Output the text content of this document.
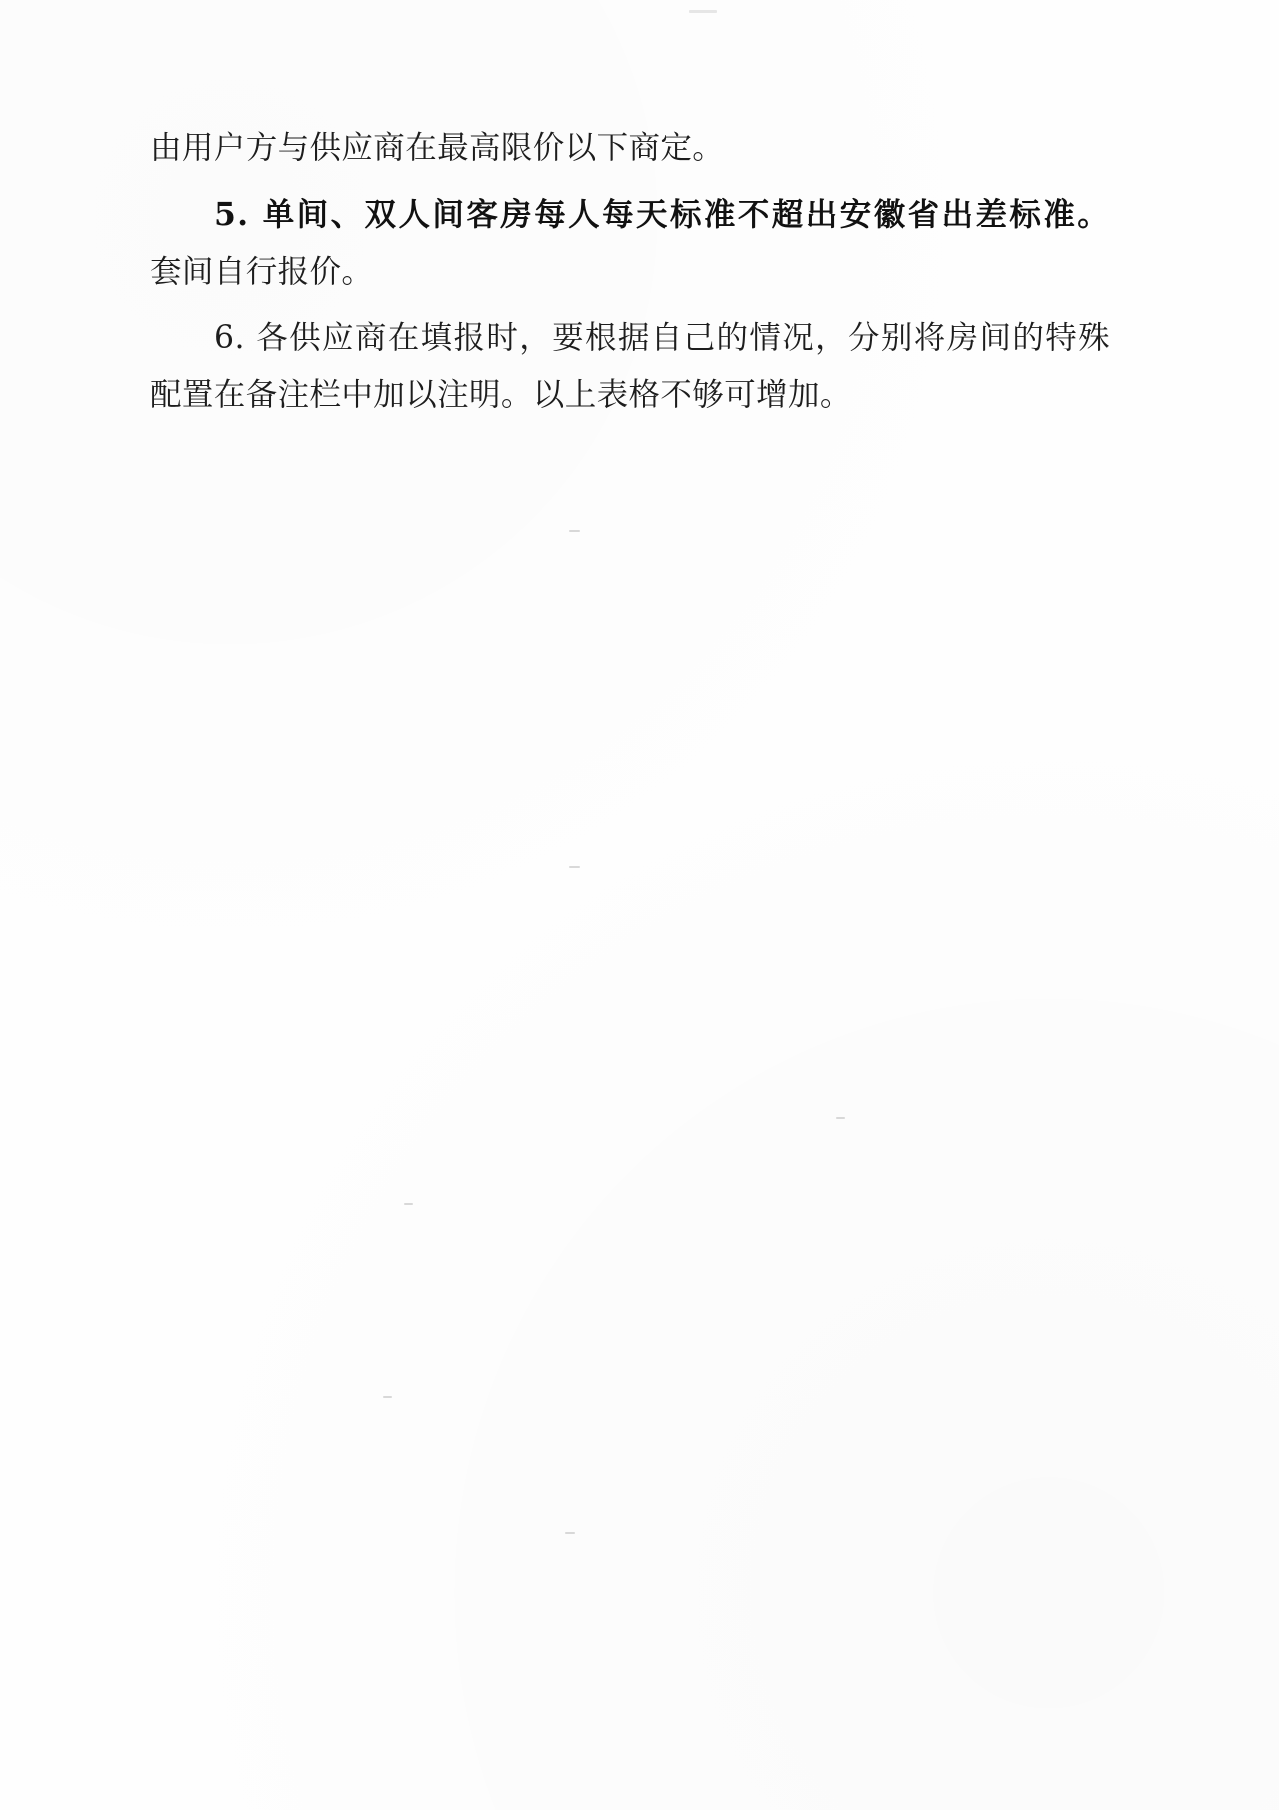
由用户方与供应商在最高限价以下商定。

5. 单间、双人间客房每人每天标准不超出安徽省出差标准。套间自行报价。

6. 各供应商在填报时，要根据自己的情况，分别将房间的特殊配置在备注栏中加以注明。以上表格不够可增加。
